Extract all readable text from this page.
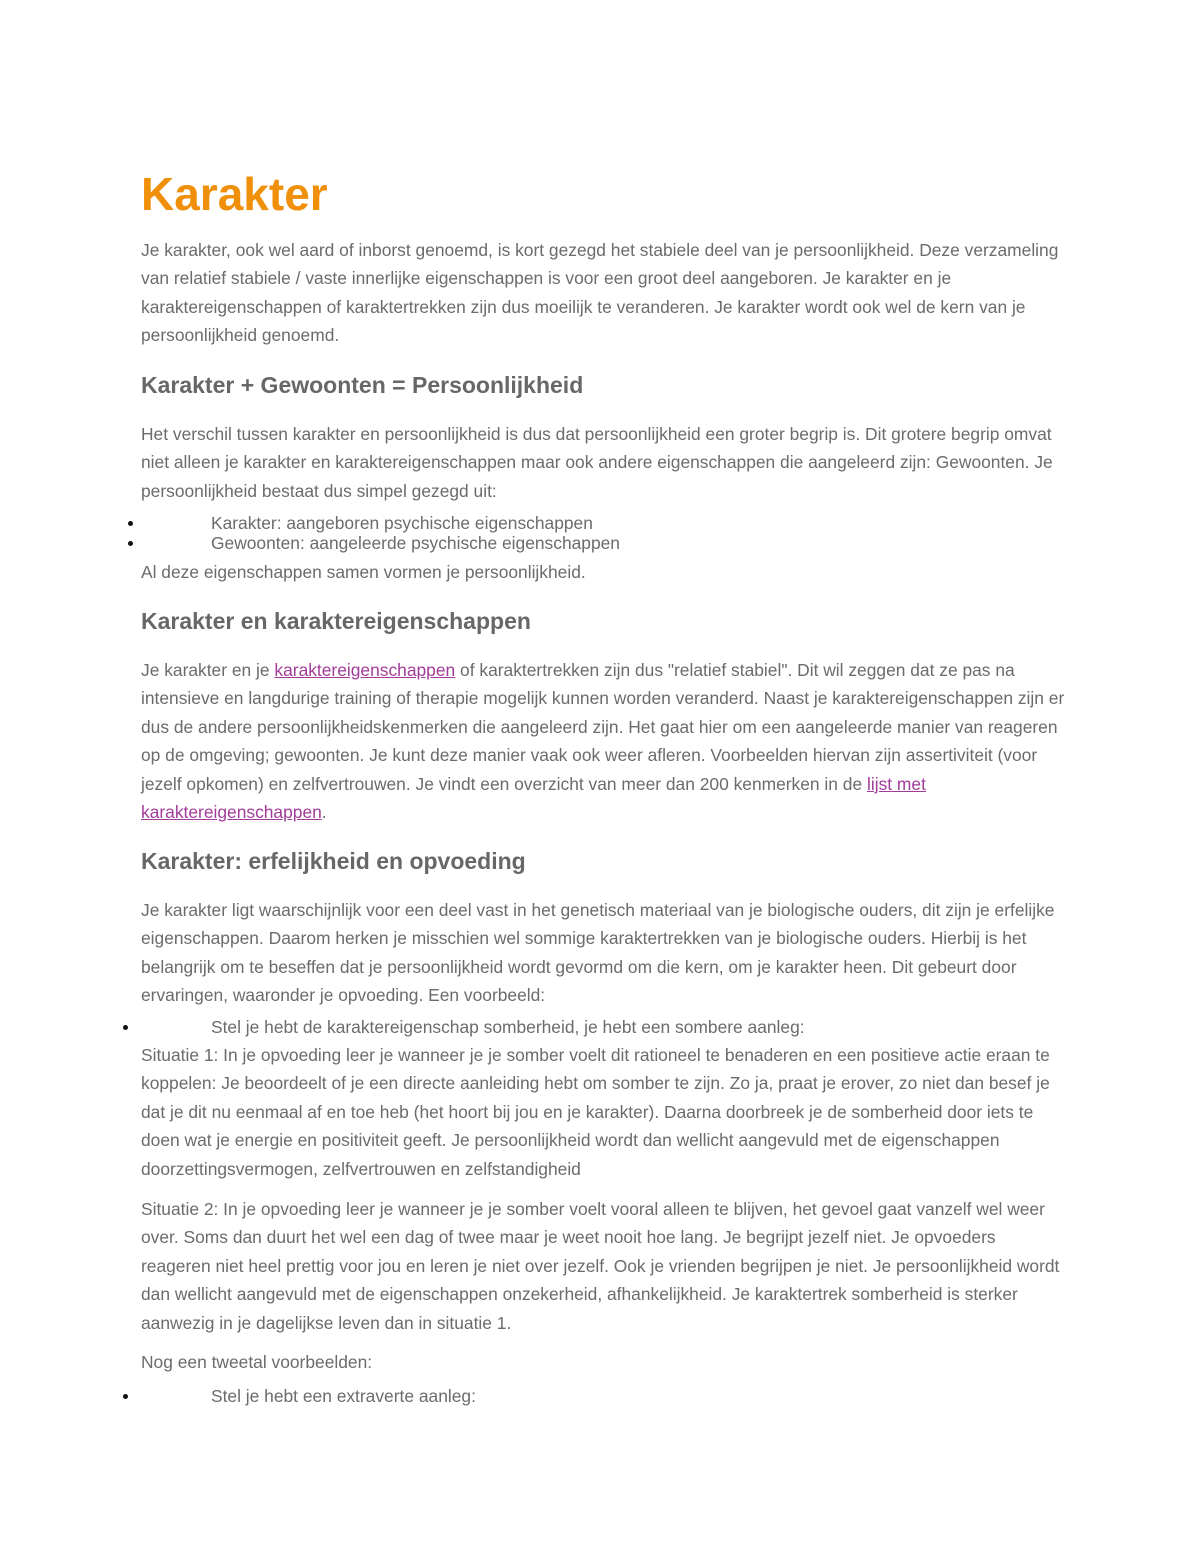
Karakter

Je karakter, ook wel aard of inborst genoemd, is kort gezegd het stabiele deel van je persoonlijkheid. Deze verzameling van relatief stabiele / vaste innerlijke eigenschappen is voor een groot deel aangeboren. Je karakter en je karaktereigenschappen of karaktertrekken zijn dus moeilijk te veranderen. Je karakter wordt ook wel de kern van je persoonlijkheid genoemd.

Karakter + Gewoonten = Persoonlijkheid

Het verschil tussen karakter en persoonlijkheid is dus dat persoonlijkheid een groter begrip is. Dit grotere begrip omvat niet alleen je karakter en karaktereigenschappen maar ook andere eigenschappen die aangeleerd zijn: Gewoonten. Je persoonlijkheid bestaat dus simpel gezegd uit:

Karakter: aangeboren psychische eigenschappen
Gewoonten: aangeleerde psychische eigenschappen

Al deze eigenschappen samen vormen je persoonlijkheid.

Karakter en karaktereigenschappen

Je karakter en je karaktereigenschappen of karaktertrekken zijn dus "relatief stabiel". Dit wil zeggen dat ze pas na intensieve en langdurige training of therapie mogelijk kunnen worden veranderd. Naast je karaktereigenschappen zijn er dus de andere persoonlijkheidskenmerken die aangeleerd zijn. Het gaat hier om een aangeleerde manier van reageren op de omgeving; gewoonten. Je kunt deze manier vaak ook weer afleren. Voorbeelden hiervan zijn assertiviteit (voor jezelf opkomen) en zelfvertrouwen. Je vindt een overzicht van meer dan 200 kenmerken in de lijst met karaktereigenschappen.

Karakter: erfelijkheid en opvoeding

Je karakter ligt waarschijnlijk voor een deel vast in het genetisch materiaal van je biologische ouders, dit zijn je erfelijke eigenschappen. Daarom herken je misschien wel sommige karaktertrekken van je biologische ouders. Hierbij is het belangrijk om te beseffen dat je persoonlijkheid wordt gevormd om die kern, om je karakter heen. Dit gebeurt door ervaringen, waaronder je opvoeding. Een voorbeeld:

Stel je hebt de karaktereigenschap somberheid, je hebt een sombere aanleg:

Situatie 1: In je opvoeding leer je wanneer je je somber voelt dit rationeel te benaderen en een positieve actie eraan te koppelen: Je beoordeelt of je een directe aanleiding hebt om somber te zijn. Zo ja, praat je erover, zo niet dan besef je dat je dit nu eenmaal af en toe heb (het hoort bij jou en je karakter). Daarna doorbreek je de somberheid door iets te doen wat je energie en positiviteit geeft. Je persoonlijkheid wordt dan wellicht aangevuld met de eigenschappen doorzettingsvermogen, zelfvertrouwen en zelfstandigheid

Situatie 2: In je opvoeding leer je wanneer je je somber voelt vooral alleen te blijven, het gevoel gaat vanzelf wel weer over. Soms dan duurt het wel een dag of twee maar je weet nooit hoe lang. Je begrijpt jezelf niet. Je opvoeders reageren niet heel prettig voor jou en leren je niet over jezelf. Ook je vrienden begrijpen je niet. Je persoonlijkheid wordt dan wellicht aangevuld met de eigenschappen onzekerheid, afhankelijkheid. Je karaktertrek somberheid is sterker aanwezig in je dagelijkse leven dan in situatie 1.

Nog een tweetal voorbeelden:

Stel je hebt een extraverte aanleg:
